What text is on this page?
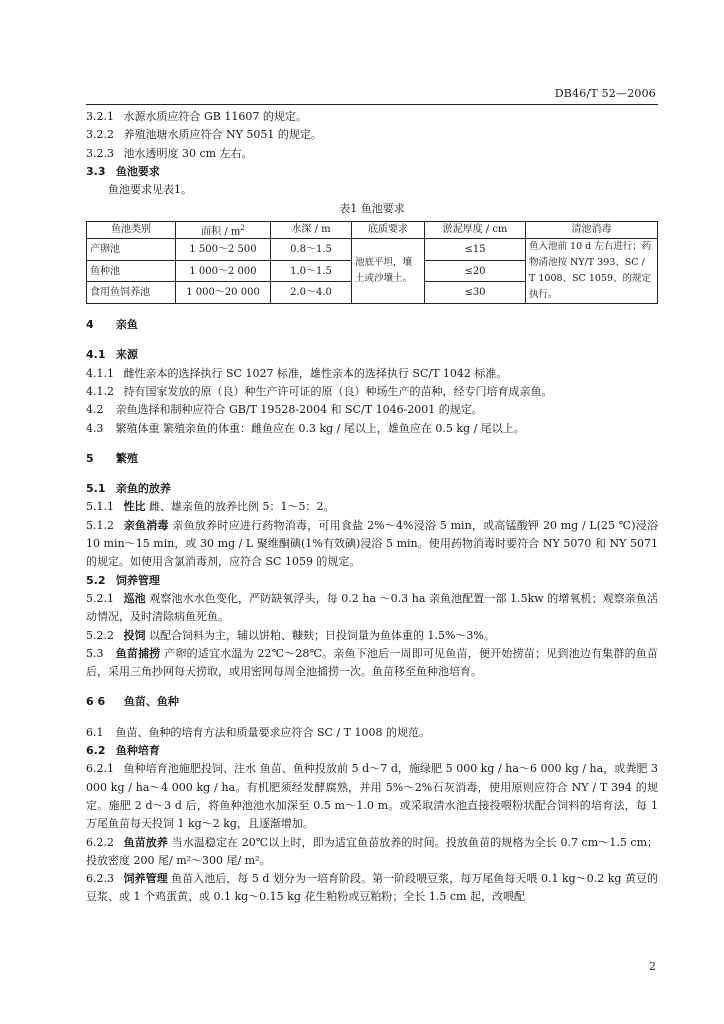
DB46/T 52—2006
3.2.1 水源水质应符合 GB 11607 的规定。
3.2.2 养殖池塘水质应符合 NY 5051 的规定。
3.2.3 池水透明度 30 cm 左右。
3.3 鱼池要求
鱼池要求见表1。
表1 鱼池要求
鱼池类别	面积 / $m^2$	水深 / m	底质要求	淤泥厚度 / cm	清池消毒
产卵池	1 500～2 500	0.8～1.5	池底平坦，壤土或沙壤土。	≤15	鱼入池前 10 d 左右进行；药物清池按 NY/T 393、SC / T 1008、SC 1059、的规定执行。
鱼种池	1 000～2 000	1.0～1.5		≤20	
食用鱼饲养池	1 000～20 000	2.0～4.0		≤30	
4 亲鱼
4.1 来源
4.1.1 雌性亲本的选择执行 SC 1027 标准，雄性亲本的选择执行 SC/T 1042 标准。
4.1.2 持有国家发放的原（良）种生产许可证的原（良）种场生产的苗种，经专门培育成亲鱼。
4.2 亲鱼选择和制种应符合 GB/T 19528-2004 和 SC/T 1046-2001 的规定。
4.3 繁殖体重 繁殖亲鱼的体重：雌鱼应在 0.3 kg / 尾以上，雄鱼应在 0.5 kg / 尾以上。
5 繁殖
5.1 亲鱼的放养
5.1.1 性比 雌、雄亲鱼的放养比例 5：1～5：2。
5.1.2 亲鱼消毒 亲鱼放养时应进行药物消毒，可用食盐 2%～4%浸浴 5 min，或高锰酸钾 20 mg / L(25 ℃)浸浴 10 min～15 min，或 30 mg / L 聚维酮碘(1%有效碘)浸浴 5 min。使用药物消毒时要符合 NY 5070 和 NY 5071 的规定。如使用含氯消毒剂，应符合 SC 1059 的规定。
5.2 饲养管理
5.2.1 巡池 观察池水水色变化，严防缺氧浮头，每 0.2 ha ～0.3 ha 亲鱼池配置一部 1.5kw 的增氧机；观察亲鱼活动情况，及时清除病鱼死鱼。
5.2.2 投饲 以配合饲料为主，辅以饼粕、糠麸；日投饲量为鱼体重的 1.5%～3%。
5.3 鱼苗捕捞 产卵的适宜水温为 22℃～28℃。亲鱼下池后一周即可见鱼苗，便开始捞苗；见到池边有集群的鱼苗后，采用三角抄网每天捞取，或用密网每周全池捕捞一次。鱼苗移至鱼种池培育。
6 6 鱼苗、鱼种
6.1 鱼苗、鱼种的培育方法和质量要求应符合 SC / T 1008 的规范。
6.2 鱼种培育
6.2.1 鱼种培育池施肥投饲、注水 鱼苗、鱼种投放前 5 d～7 d，施绿肥 5 000 kg / ha～6 000 kg / ha，或粪肥 3 000 kg / ha～4 000 kg / ha。有机肥须经发酵腐熟，并用 5%～2%石灰消毒，使用原则应符合 NY / T 394 的规定。施肥 2 d～3 d 后，将鱼种池池水加深至 0.5 m～1.0 m。或采取清水池直接投喂粉状配合饲料的培育法，每 1 万尾鱼苗每天投饲 1 kg～2 kg，且逐渐增加。
6.2.2 鱼苗放养 当水温稳定在 20℃以上时，即为适宜鱼苗放养的时间。投放鱼苗的规格为全长 0.7 cm～1.5 cm；投放密度 200 尾/ m²～300 尾/ m²。
6.2.3 饲养管理 鱼苗入池后，每 5 d 划分为一培育阶段。第一阶段喂豆浆，每万尾鱼每天喂 0.1 kg～0.2 kg 黄豆的豆浆、或 1 个鸡蛋黄、或 0.1 kg～0.15 kg 花生粕粉或豆粕粉；全长 1.5 cm 起，改喂配
2
